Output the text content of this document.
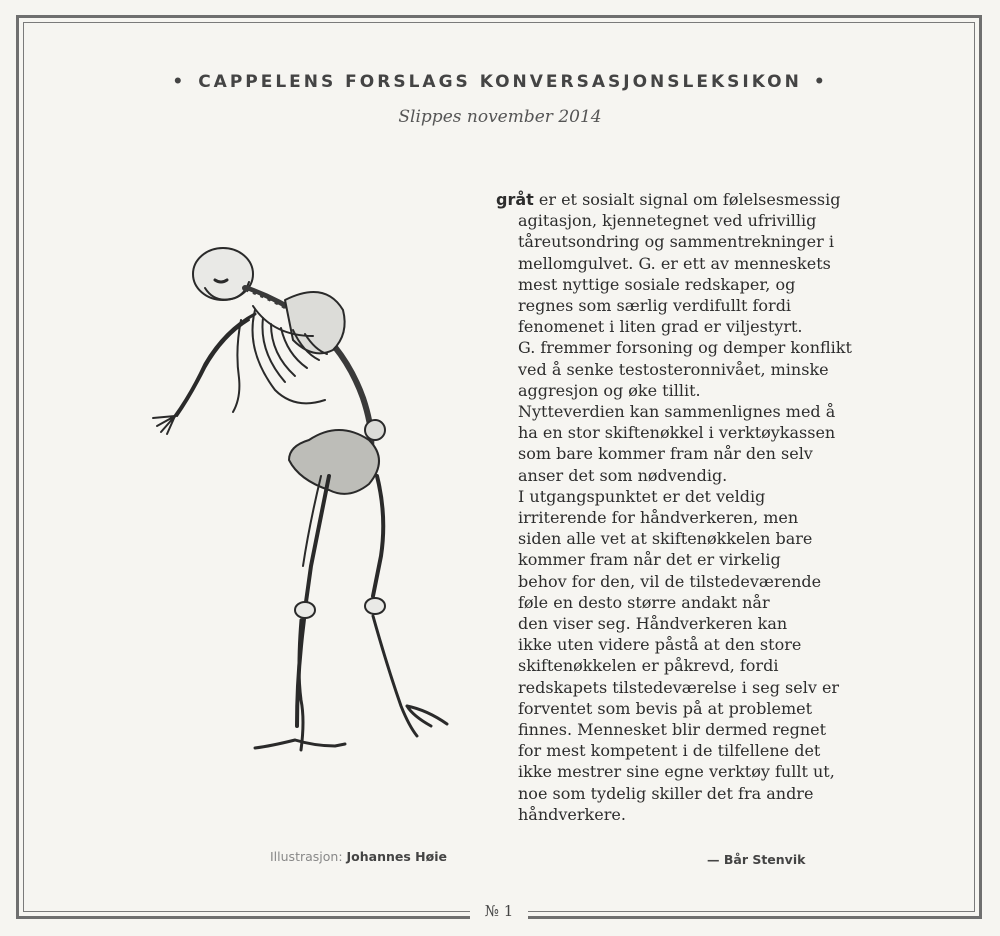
• CAPPELENS FORSLAGS KONVERSASJONSLEKSIKON •
Slippes november 2014
gråt er et sosialt signal om følelsesmessig
agitasjon, kjennetegnet ved ufrivillig
tåreutsondring og sammentrekninger i
mellomgulvet. G. er ett av menneskets
mest nyttige sosiale redskaper, og
regnes som særlig verdifullt fordi
fenomenet i liten grad er viljestyrt.
G. fremmer forsoning og demper konflikt
ved å senke testosteronnivået, minske
aggresjon og øke tillit.
Nytteverdien kan sammenlignes med å
ha en stor skiftenøkkel i verktøykassen
som bare kommer fram når den selv
anser det som nødvendig.
I utgangspunktet er det veldig
irriterende for håndverkeren, men
siden alle vet at skiftenøkkelen bare
kommer fram når det er virkelig
behov for den, vil de tilstedeværende
føle en desto større andakt når
den viser seg. Håndverkeren kan
ikke uten videre påstå at den store
skiftenøkkelen er påkrevd, fordi
redskapets tilstedeværelse i seg selv er
forventet som bevis på at problemet
finnes. Mennesket blir dermed regnet
for mest kompetent i de tilfellene det
ikke mestrer sine egne verktøy fullt ut,
noe som tydelig skiller det fra andre
håndverkere.
Illustrasjon: Johannes Høie	— Bår Stenvik
№ 1
